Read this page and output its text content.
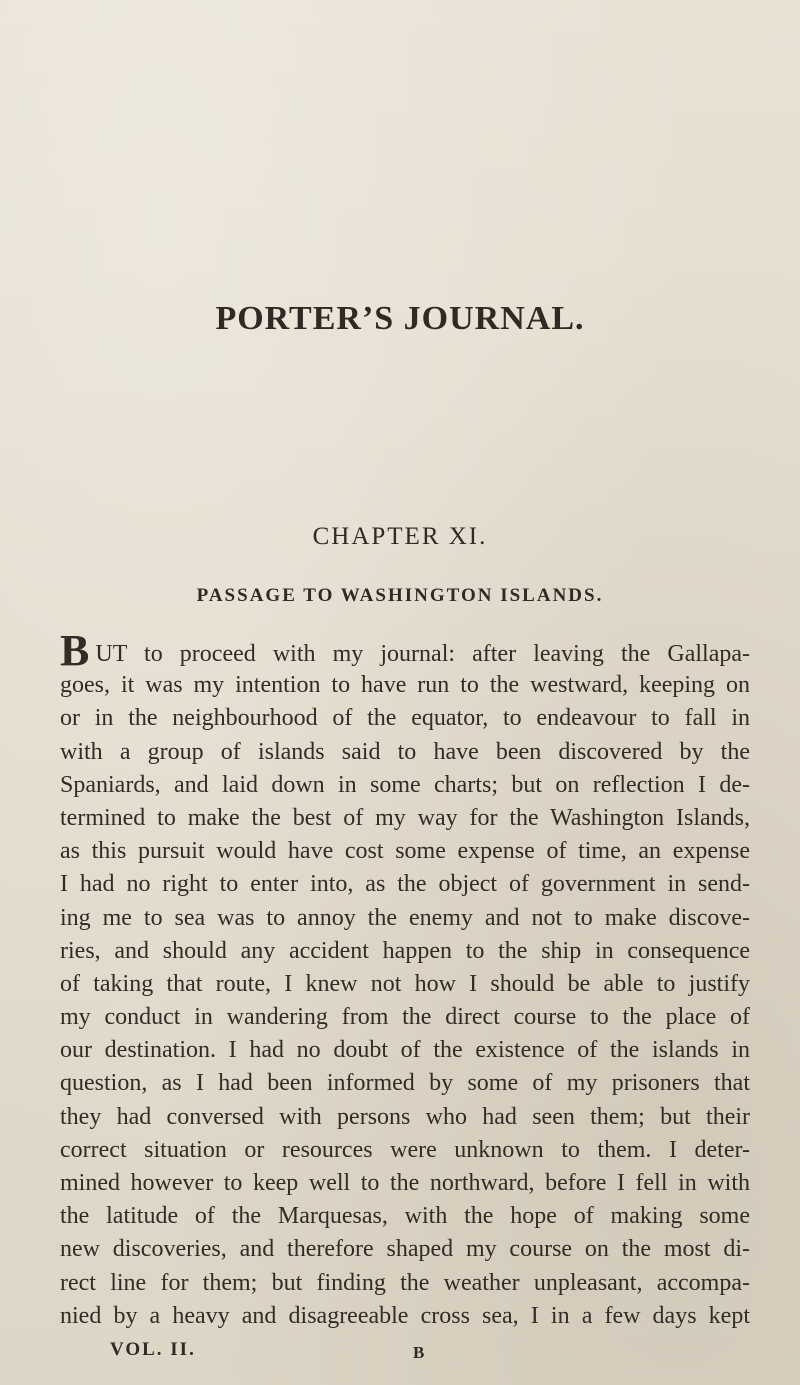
PORTER’S JOURNAL.
CHAPTER XI.
PASSAGE TO WASHINGTON ISLANDS.
BUT to proceed with my journal: after leaving the Gallapa-
goes, it was my intention to have run to the westward, keeping on
or in the neighbourhood of the equator, to endeavour to fall in
with a group of islands said to have been discovered by the
Spaniards, and laid down in some charts; but on reflection I de-
termined to make the best of my way for the Washington Islands,
as this pursuit would have cost some expense of time, an expense
I had no right to enter into, as the object of government in send-
ing me to sea was to annoy the enemy and not to make discove-
ries, and should any accident happen to the ship in consequence
of taking that route, I knew not how I should be able to justify
my conduct in wandering from the direct course to the place of
our destination. I had no doubt of the existence of the islands in
question, as I had been informed by some of my prisoners that
they had conversed with persons who had seen them; but their
correct situation or resources were unknown to them. I deter-
mined however to keep well to the northward, before I fell in with
the latitude of the Marquesas, with the hope of making some
new discoveries, and therefore shaped my course on the most di-
rect line for them; but finding the weather unpleasant, accompa-
nied by a heavy and disagreeable cross sea, I in a few days kept
VOL. II.	B
